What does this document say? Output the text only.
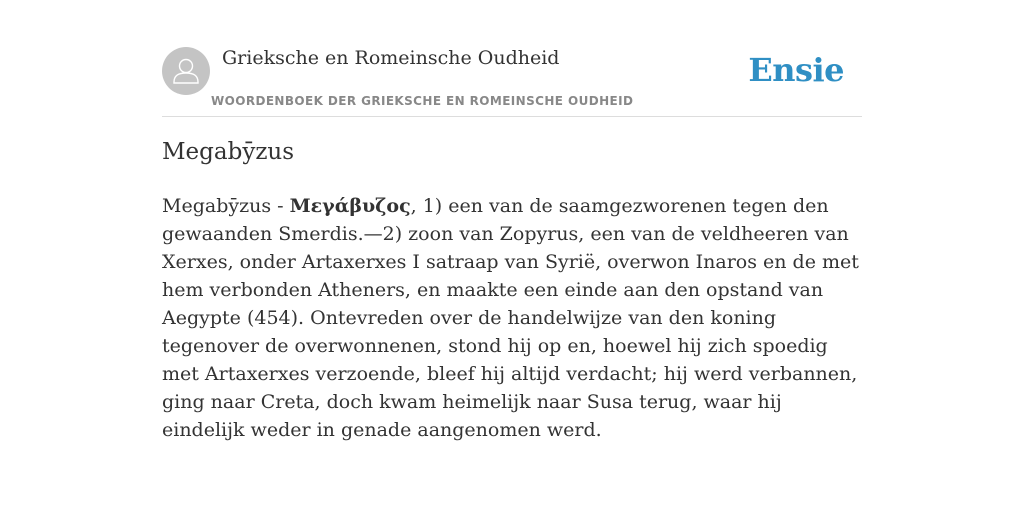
Grieksche en Romeinsche Oudheid
WOORDENBOEK DER GRIEKSCHE EN ROMEINSCHE OUDHEID
Ensie
Megabȳzus

Megabȳzus - Μεγάβυζος, 1) een van de saamgezworenen tegen den gewaanden Smerdis.—2) zoon van Zopyrus, een van de veldheeren van Xerxes, onder Artaxerxes I satraap van Syrië, overwon Inaros en de met hem verbonden Atheners, en maakte een einde aan den opstand van Aegypte (454). Ontevreden over de handelwijze van den koning tegenover de overwonnenen, stond hij op en, hoewel hij zich spoedig met Artaxerxes verzoende, bleef hij altijd verdacht; hij werd verbannen, ging naar Creta, doch kwam heimelijk naar Susa terug, waar hij eindelijk weder in genade aangenomen werd.
